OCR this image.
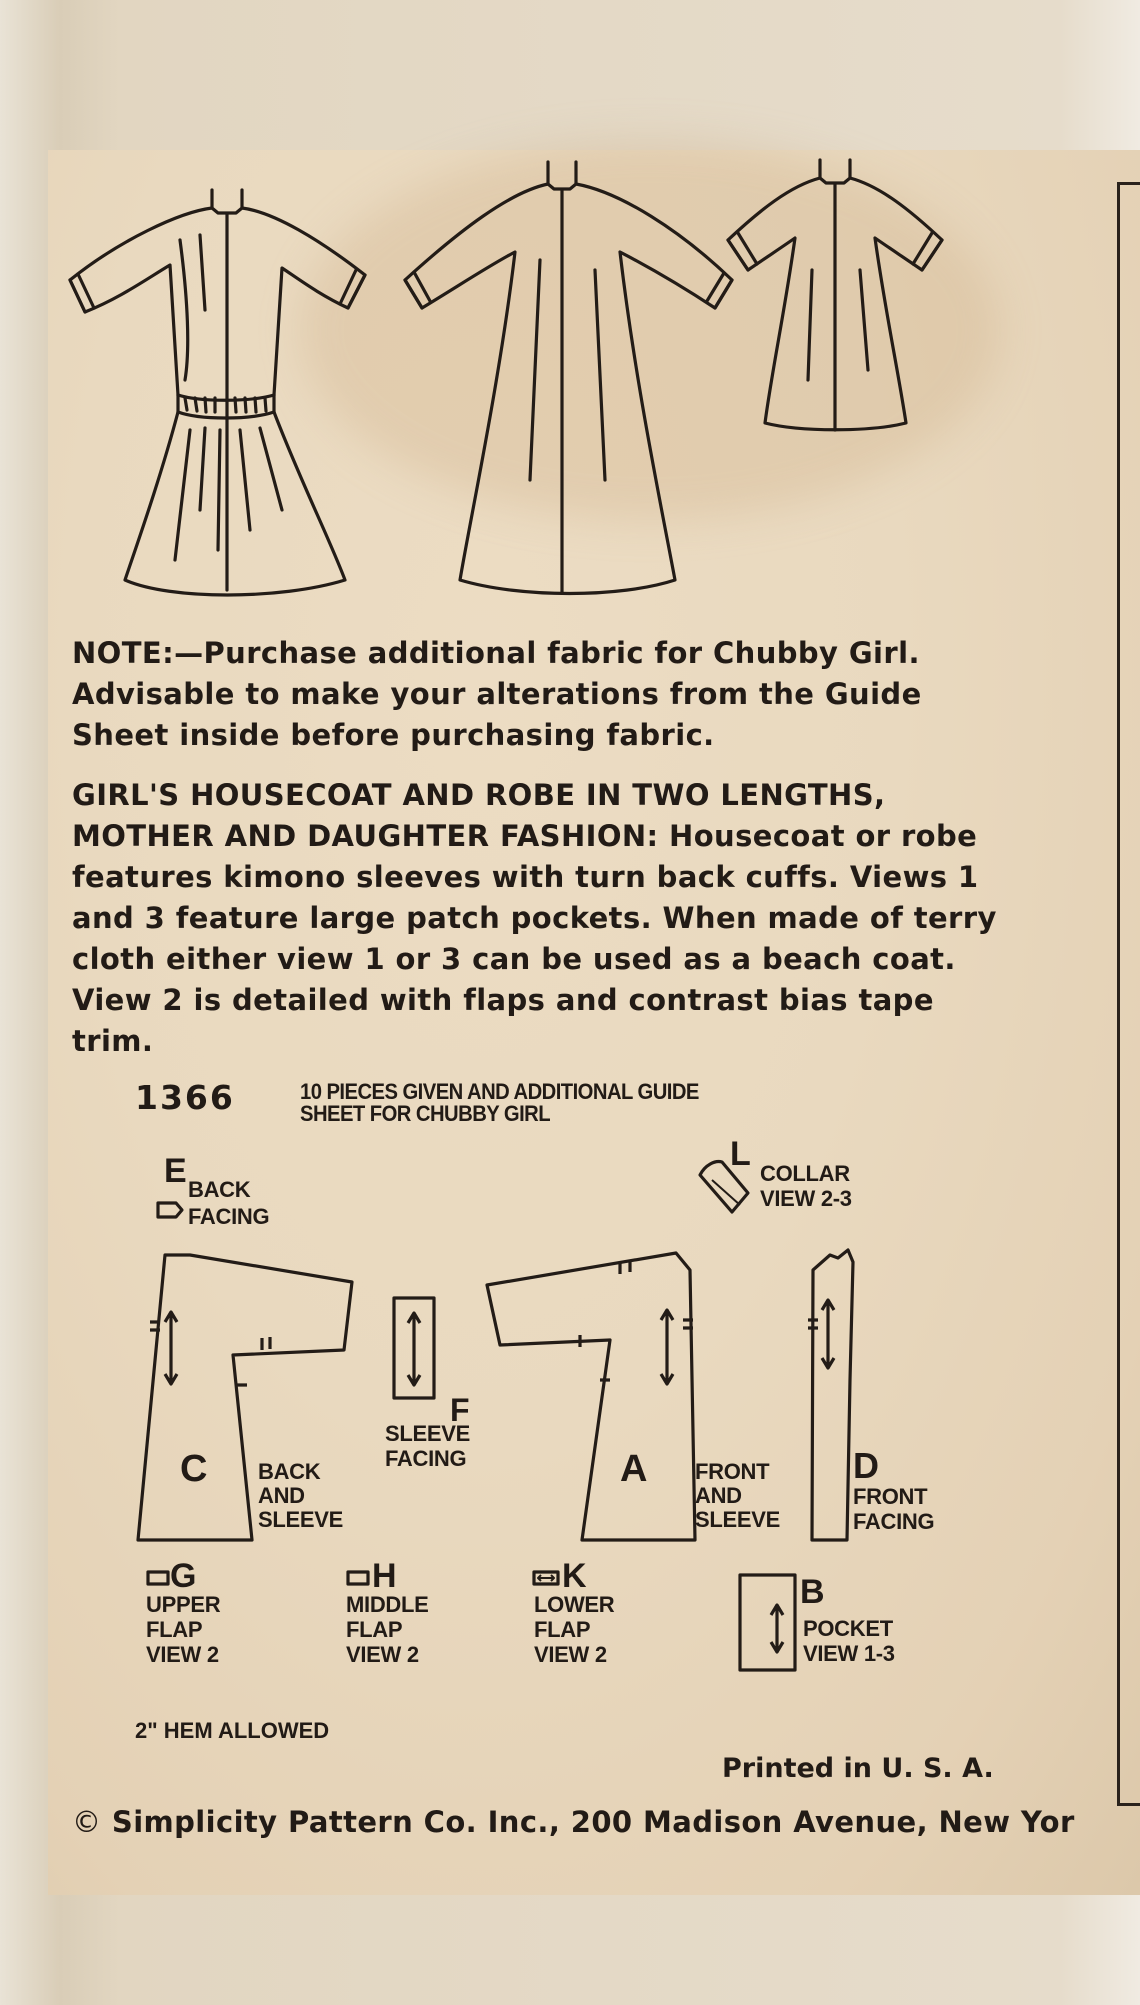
NOTE:—Purchase additional fabric for Chubby Girl. Advisable to make your alterations from the Guide Sheet inside before purchasing fabric.
GIRL'S HOUSECOAT AND ROBE IN TWO LENGTHS, MOTHER AND DAUGHTER FASHION: Housecoat or robe features kimono sleeves with turn back cuffs. Views 1 and 3 feature large patch pockets. When made of terry cloth either view 1 or 3 can be used as a beach coat. View 2 is detailed with flaps and contrast bias tape trim.
1366	10 PIECES GIVEN AND ADDITIONAL GUIDE
SHEET FOR CHUBBY GIRL
E BACK
FACING
L
COLLAR
VIEW 2-3
C BACK
AND
SLEEVE
F
SLEEVE
FACING	A FRONT
AND
SLEEVE
D
FRONT
FACING
G
UPPER
FLAP
VIEW 2
H
MIDDLE
FLAP
VIEW 2
K
LOWER
FLAP
VIEW 2
B
POCKET
VIEW 1-3
2" HEM ALLOWED
Printed in U. S. A.
© Simplicity Pattern Co. Inc., 200 Madison Avenue, New Yor
